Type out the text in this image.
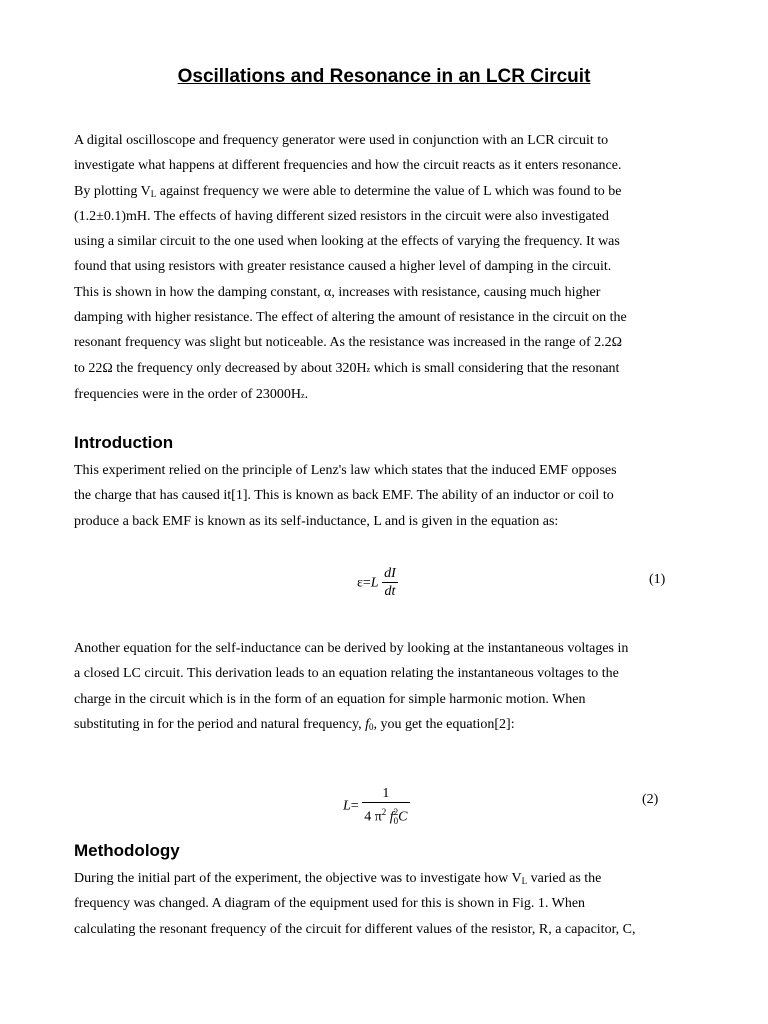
Oscillations and Resonance in an LCR Circuit
A digital oscilloscope and frequency generator were used in conjunction with an LCR circuit to
investigate what happens at different frequencies and how the circuit reacts as it enters resonance.
By plotting $V_L$ against frequency we were able to determine the value of L which was found to be
(1.2±0.1)mH. The effects of having different sized resistors in the circuit were also investigated
using a similar circuit to the one used when looking at the effects of varying the frequency. It was
found that using resistors with greater resistance caused a higher level of damping in the circuit.
This is shown in how the damping constant, α, increases with resistance, causing much higher
damping with higher resistance. The effect of altering the amount of resistance in the circuit on the
resonant frequency was slight but noticeable. As the resistance was increased in the range of 2.2Ω
to 22Ω the frequency only decreased by about 320Hz which is small considering that the resonant
frequencies were in the order of 23000Hz.
Introduction
This experiment relied on the principle of Lenz's law which states that the induced EMF opposes
the charge that has caused it[1]. This is known as back EMF. The ability of an inductor or coil to
produce a back EMF is known as its self-inductance, L and is given in the equation as:
$\varepsilon=L \frac{dI}{dt}$	(1)
Another equation for the self-inductance can be derived by looking at the instantaneous voltages in
a closed LC circuit. This derivation leads to an equation relating the instantaneous voltages to the
charge in the circuit which is in the form of an equation for simple harmonic motion. When
substituting in for the period and natural frequency, $f_0$, you get the equation[2]:
L= 1
4 $\pi^2$ f 2
0 C	(2)
Methodology
During the initial part of the experiment, the objective was to investigate how $V_L$ varied as the
frequency was changed. A diagram of the equipment used for this is shown in Fig. 1. When
calculating the resonant frequency of the circuit for different values of the resistor, R, a capacitor, C,
